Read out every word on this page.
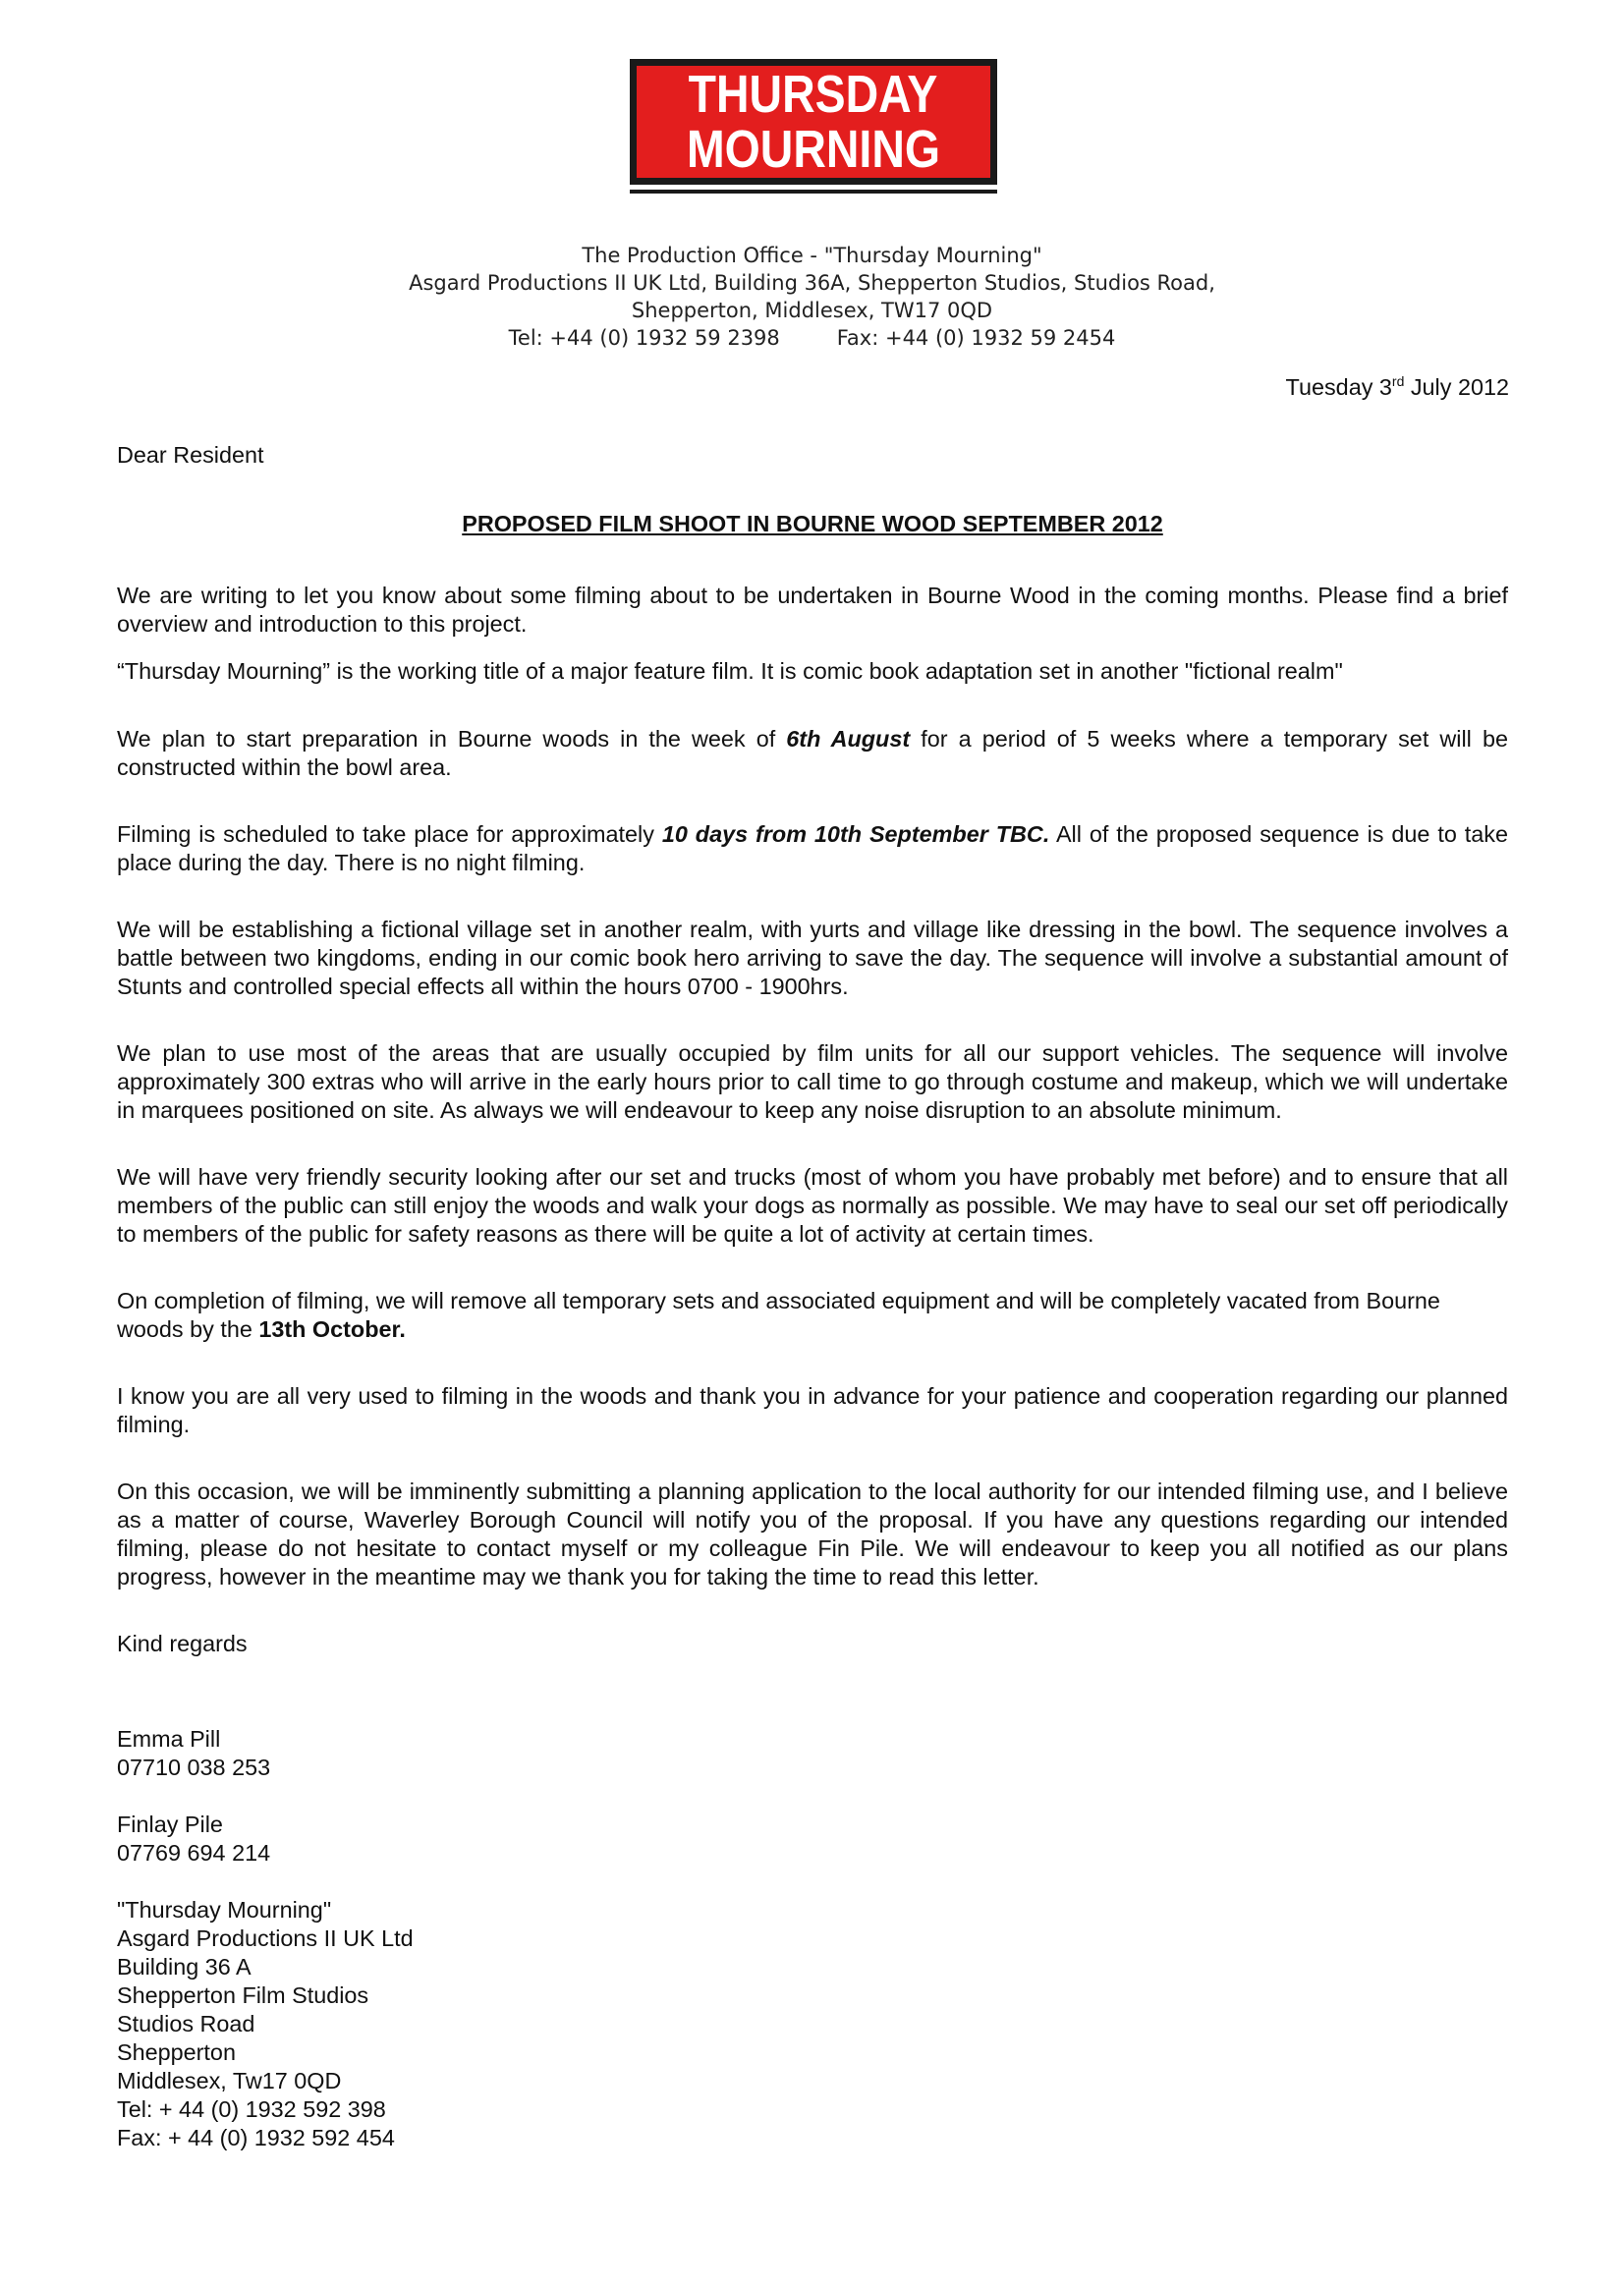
THURSDAY
MOURNING
The Production Office - "Thursday Mourning"
Asgard Productions II UK Ltd, Building 36A, Shepperton Studios, Studios Road,
Shepperton, Middlesex, TW17 0QD
Tel: +44 (0) 1932 59 2398	Fax: +44 (0) 1932 59 2454
Tuesday 3rd July 2012
Dear Resident
PROPOSED FILM SHOOT IN BOURNE WOOD SEPTEMBER 2012

We are writing to let you know about some filming about to be undertaken in Bourne Wood in the coming months. Please find a brief overview and introduction to this project.

“Thursday Mourning” is the working title of a major feature film. It is comic book adaptation set in another "fictional realm"

We plan to start preparation in Bourne woods in the week of 6th August for a period of 5 weeks where a temporary set will be constructed within the bowl area.

Filming is scheduled to take place for approximately 10 days from 10th September TBC. All of the proposed sequence is due to take place during the day. There is no night filming.

We will be establishing a fictional village set in another realm, with yurts and village like dressing in the bowl. The sequence involves a battle between two kingdoms, ending in our comic book hero arriving to save the day. The sequence will involve a substantial amount of Stunts and controlled special effects all within the hours 0700 - 1900hrs.

We plan to use most of the areas that are usually occupied by film units for all our support vehicles. The sequence will involve approximately 300 extras who will arrive in the early hours prior to call time to go through costume and makeup, which we will undertake in marquees positioned on site. As always we will endeavour to keep any noise disruption to an absolute minimum.

We will have very friendly security looking after our set and trucks (most of whom you have probably met before) and to ensure that all members of the public can still enjoy the woods and walk your dogs as normally as possible. We may have to seal our set off periodically to members of the public for safety reasons as there will be quite a lot of activity at certain times.

On completion of filming, we will remove all temporary sets and associated equipment and will be completely vacated from Bourne woods by the 13th October.

I know you are all very used to filming in the woods and thank you in advance for your patience and cooperation regarding our planned filming.

On this occasion, we will be imminently submitting a planning application to the local authority for our intended filming use, and I believe as a matter of course, Waverley Borough Council will notify you of the proposal. If you have any questions regarding our intended filming, please do not hesitate to contact myself or my colleague Fin Pile. We will endeavour to keep you all notified as our plans progress, however in the meantime may we thank you for taking the time to read this letter.

Kind regards
Emma Pill
07710 038 253
Finlay Pile
07769 694 214
"Thursday Mourning"
Asgard Productions II UK Ltd
Building 36 A
Shepperton Film Studios
Studios Road
Shepperton
Middlesex, Tw17 0QD
Tel: + 44 (0) 1932 592 398
Fax: + 44 (0) 1932 592 454
